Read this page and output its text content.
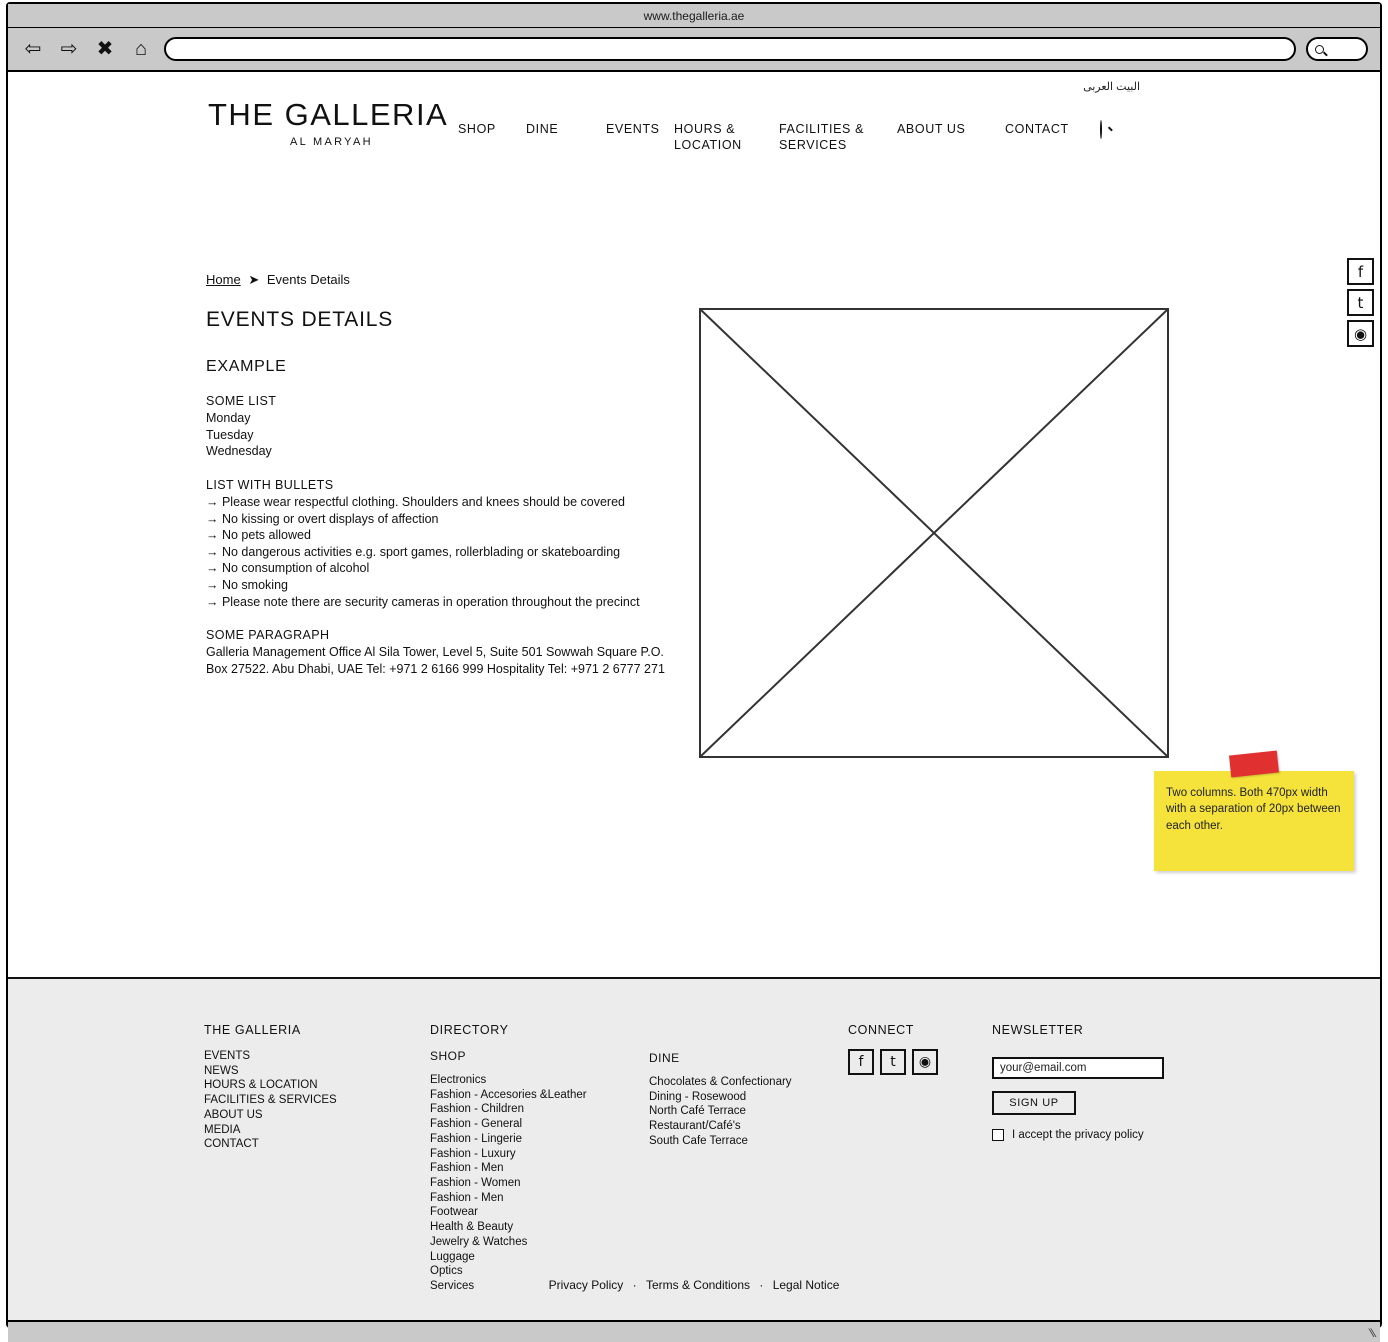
www.thegalleria.ae
⇦ ⇨ ✖	⌂
البيت العربى
THE GALLERIA
AL MARYAH
SHOP	DINE	EVENTS	HOURS & LOCATION
FACILITIES & SERVICES
ABOUT US	CONTACT
Home ➤ Events Details
EVENTS DETAILS
EXAMPLE
SOME LIST
Monday
Tuesday
Wednesday
LIST WITH BULLETS
→ Please wear respectful clothing. Shoulders and knees should be covered
→ No kissing or overt displays of affection
→ No pets allowed
→ No dangerous activities e.g. sport games, rollerblading or skateboarding
→ No consumption of alcohol
→ No smoking
→ Please note there are security cameras in operation throughout the precinct
SOME PARAGRAPH
Galleria Management Office Al Sila Tower, Level 5, Suite 501 Sowwah Square P.O. Box 27522. Abu Dhabi, UAE Tel: +971 2 6166 999 Hospitality Tel: +971 2 6777 271
Two columns. Both 470px width with a separation of 20px between each other.
f
t
◉
THE GALLERIA
EVENTS
NEWS
HOURS & LOCATION
FACILITIES & SERVICES
ABOUT US
MEDIA
CONTACT
DIRECTORY
SHOP
Electronics
Fashion - Accesories &Leather
Fashion - Children
Fashion - General
Fashion - Lingerie
Fashion - Luxury
Fashion - Men
Fashion - Women
Fashion - Men
Footwear
Health & Beauty
Jewelry & Watches
Luggage
Optics
Services
DINE
Chocolates & Confectionary
Dining - Rosewood
North Café Terrace
Restaurant/Café's
South Cafe Terrace
CONNECT
f	t	◉
NEWSLETTER
your@email.com
SIGN UP
I accept the privacy policy
Privacy Policy · Terms & Conditions · Legal Notice
⁄⁄
